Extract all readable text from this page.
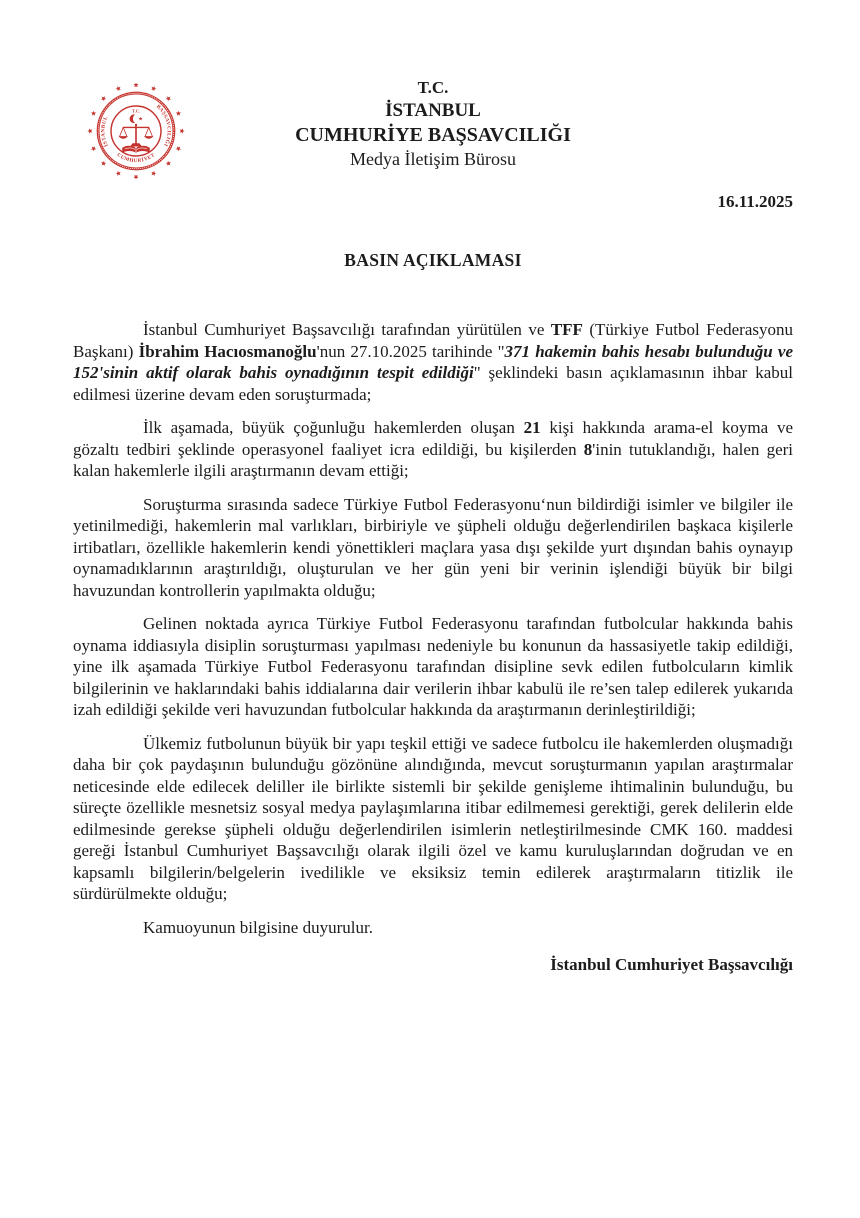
İSTANBUL
BAŞSAVCILIĞI
CUMHURİYET
T.C.
T.C.
İSTANBUL
CUMHURİYE BAŞSAVCILIĞI
Medya İletişim Bürosu
16.11.2025
BASIN AÇIKLAMASI

İstanbul Cumhuriyet Başsavcılığı tarafından yürütülen ve TFF (Türkiye Futbol Federasyonu Başkanı) İbrahim Hacıosmanoğlu'nun 27.10.2025 tarihinde "371 hakemin bahis hesabı bulunduğu ve 152'sinin aktif olarak bahis oynadığının tespit edildiği" şeklindeki basın açıklamasının ihbar kabul edilmesi üzerine devam eden soruşturmada;

İlk aşamada, büyük çoğunluğu hakemlerden oluşan 21 kişi hakkında arama-el koyma ve gözaltı tedbiri şeklinde operasyonel faaliyet icra edildiği, bu kişilerden 8'inin tutuklandığı, halen geri kalan hakemlerle ilgili araştırmanın devam ettiği;

Soruşturma sırasında sadece Türkiye Futbol Federasyonu‘nun bildirdiği isimler ve bilgiler ile yetinilmediği, hakemlerin mal varlıkları, birbiriyle ve şüpheli olduğu değerlendirilen başkaca kişilerle irtibatları, özellikle hakemlerin kendi yönettikleri maçlara yasa dışı şekilde yurt dışından bahis oynayıp oynamadıklarının araştırıldığı, oluşturulan ve her gün yeni bir verinin işlendiği büyük bir bilgi havuzundan kontrollerin yapılmakta olduğu;

Gelinen noktada ayrıca Türkiye Futbol Federasyonu tarafından futbolcular hakkında bahis oynama iddiasıyla disiplin soruşturması yapılması nedeniyle bu konunun da hassasiyetle takip edildiği, yine ilk aşamada Türkiye Futbol Federasyonu tarafından disipline sevk edilen futbolcuların kimlik bilgilerinin ve haklarındaki bahis iddialarına dair verilerin ihbar kabulü ile re’sen talep edilerek yukarıda izah edildiği şekilde veri havuzundan futbolcular hakkında da araştırmanın derinleştirildiği;

Ülkemiz futbolunun büyük bir yapı teşkil ettiği ve sadece futbolcu ile hakemlerden oluşmadığı daha bir çok paydaşının bulunduğu gözönüne alındığında, mevcut soruşturmanın yapılan araştırmalar neticesinde elde edilecek deliller ile birlikte sistemli bir şekilde genişleme ihtimalinin bulunduğu, bu süreçte özellikle mesnetsiz sosyal medya paylaşımlarına itibar edilmemesi gerektiği, gerek delilerin elde edilmesinde gerekse şüpheli olduğu değerlendirilen isimlerin netleştirilmesinde CMK 160. maddesi gereği İstanbul Cumhuriyet Başsavcılığı olarak ilgili özel ve kamu kuruluşlarından doğrudan ve en kapsamlı bilgilerin/belgelerin ivedilikle ve eksiksiz temin edilerek araştırmaların titizlik ile sürdürülmekte olduğu;

Kamuoyunun bilgisine duyurulur.

İstanbul Cumhuriyet Başsavcılığı
